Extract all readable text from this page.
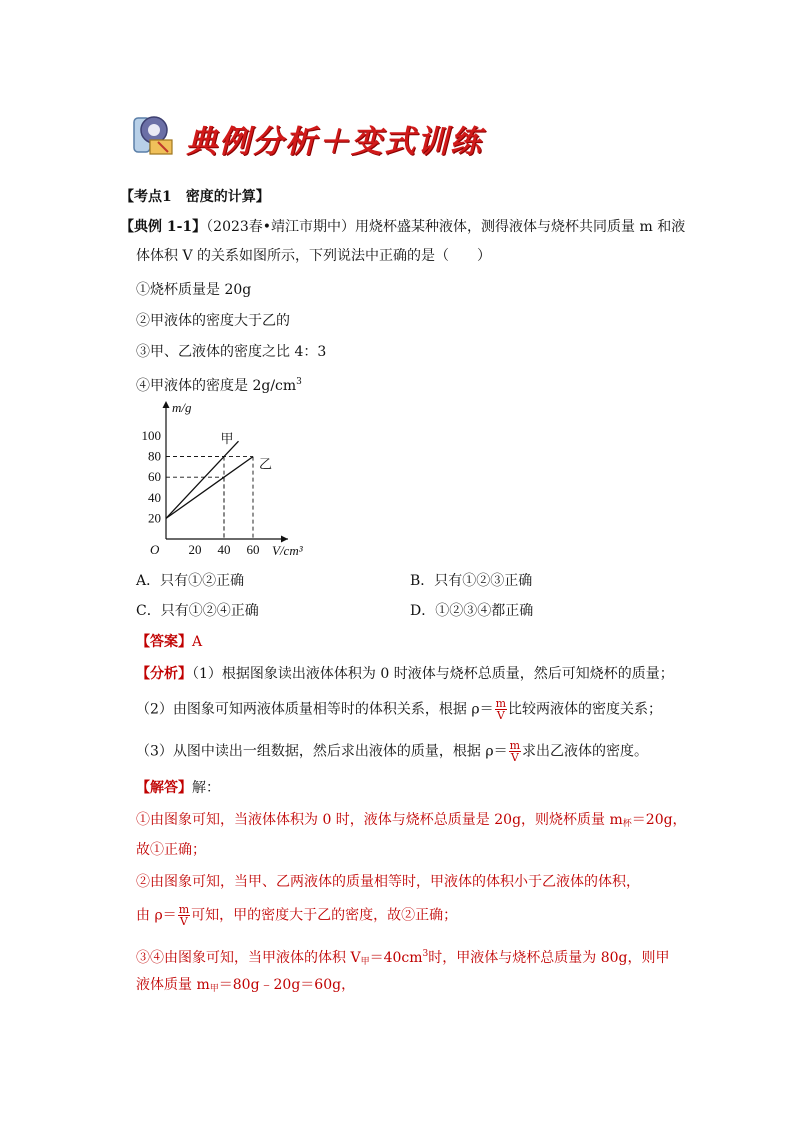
典例分析＋变式训练
【考点1　密度的计算】
【典例 1-1】（2023春•靖江市期中）用烧杯盛某种液体，测得液体与烧杯共同质量 m 和液
体体积 V 的关系如图所示，下列说法中正确的是（　　）
①烧杯质量是 20g
②甲液体的密度大于乙的
③甲、乙液体的密度之比 4：3
④甲液体的密度是 $2g/cm^3$
m/g
V/cm³
O 20 40 60
20
40
60
80
100	甲
乙
A．只有①②正确	B．只有①②③正确
C．只有①②④正确	D．①②③④都正确
【答案】A
【分析】（1）根据图象读出液体体积为 0 时液体与烧杯总质量，然后可知烧杯的质量；
（2）由图象可知两液体质量相等时的体积关系，根据 $\rho= \frac{m}{V}$ 比较两液体的密度关系；
（3）从图中读出一组数据，然后求出液体的质量，根据 $\rho= \frac{m}{V}$ 求出乙液体的密度。
【解答】解：
①由图象可知，当液体体积为 0 时，液体与烧杯总质量是 20g，则烧杯质量 $m_杯=20g$，
故①正确；
②由图象可知，当甲、乙两液体的质量相等时，甲液体的体积小于乙液体的体积，
由 $\rho= \frac{m}{V}$ 可知，甲的密度大于乙的密度，故②正确；
③④由图象可知，当甲液体的体积 $V_甲=40cm^3$时，甲液体与烧杯总质量为 80g，则甲
液体质量 $m_甲=80g﹣20g=60g$，
